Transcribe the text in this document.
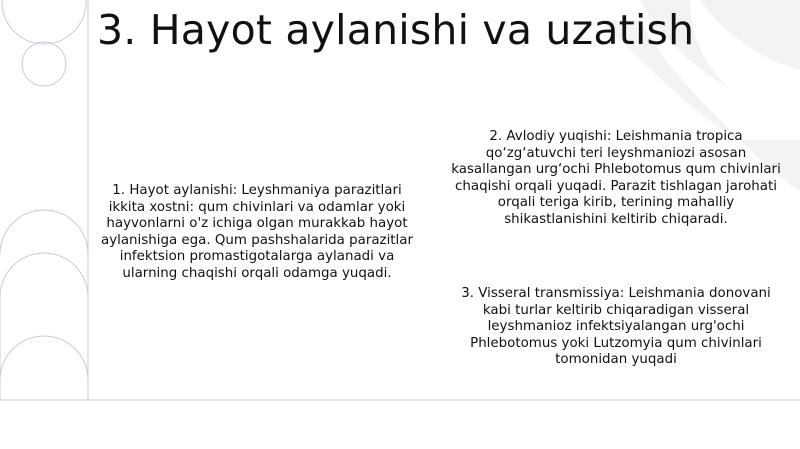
3. Hayot aylanishi va uzatish
1. Hayot aylanishi: Leyshmaniya parazitlari ikkita xostni: qum chivinlari va odamlar yoki hayvonlarni o'z ichiga olgan murakkab hayot aylanishiga ega. Qum pashshalarida parazitlar infektsion promastigotalarga aylanadi va ularning chaqishi orqali odamga yuqadi.
2. Avlodiy yuqishi: Leishmania tropica qo‘zg‘atuvchi teri leyshmaniozi asosan kasallangan urg‘ochi Phlebotomus qum chivinlari chaqishi orqali yuqadi. Parazit tishlagan jarohati orqali teriga kirib, terining mahalliy shikastlanishini keltirib chiqaradi.
3. Visseral transmissiya: Leishmania donovani kabi turlar keltirib chiqaradigan visseral leyshmanioz infektsiyalangan urg'ochi Phlebotomus yoki Lutzomyia qum chivinlari tomonidan yuqadi
